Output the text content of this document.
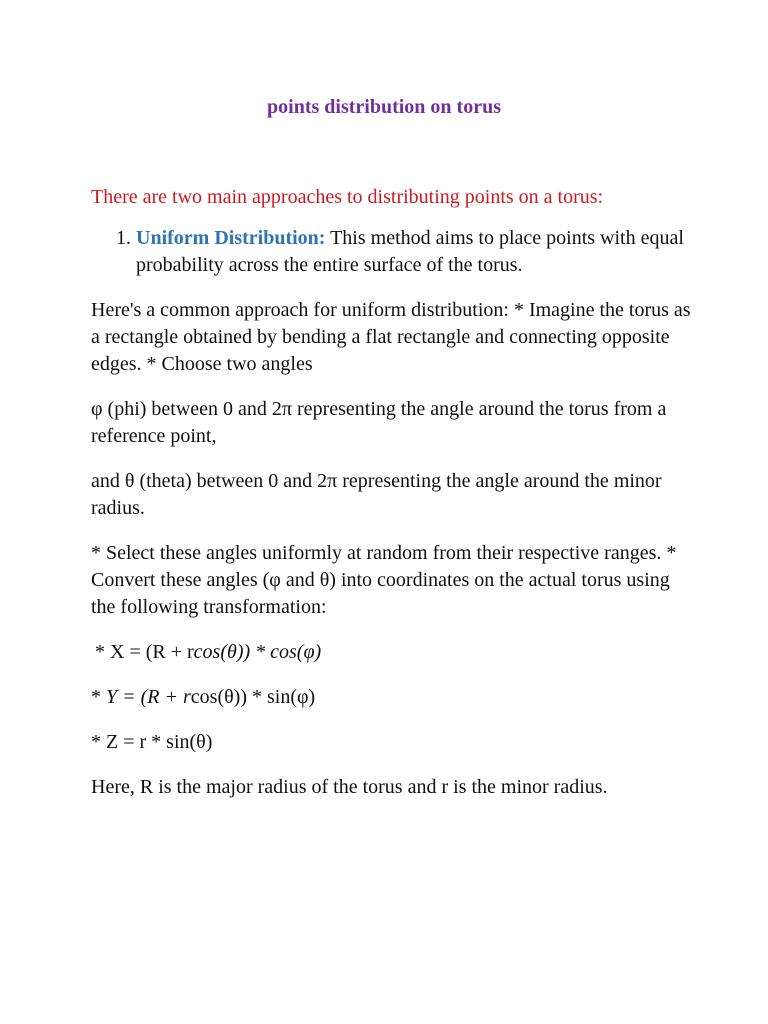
points distribution on torus

There are two main approaches to distributing points on a torus:

1. Uniform Distribution: This method aims to place points with equal probability across the entire surface of the torus.

Here's a common approach for uniform distribution: * Imagine the torus as a rectangle obtained by bending a flat rectangle and connecting opposite edges. * Choose two angles

φ (phi) between 0 and 2π representing the angle around the torus from a reference point,

and θ (theta) between 0 and 2π representing the angle around the minor radius.

* Select these angles uniformly at random from their respective ranges. * Convert these angles (φ and θ) into coordinates on the actual torus using the following transformation:

* X = (R + rcos(θ)) * cos(φ)

* Y = (R + rcos(θ)) * sin(φ)

* Z = r * sin(θ)

Here, R is the major radius of the torus and r is the minor radius.
